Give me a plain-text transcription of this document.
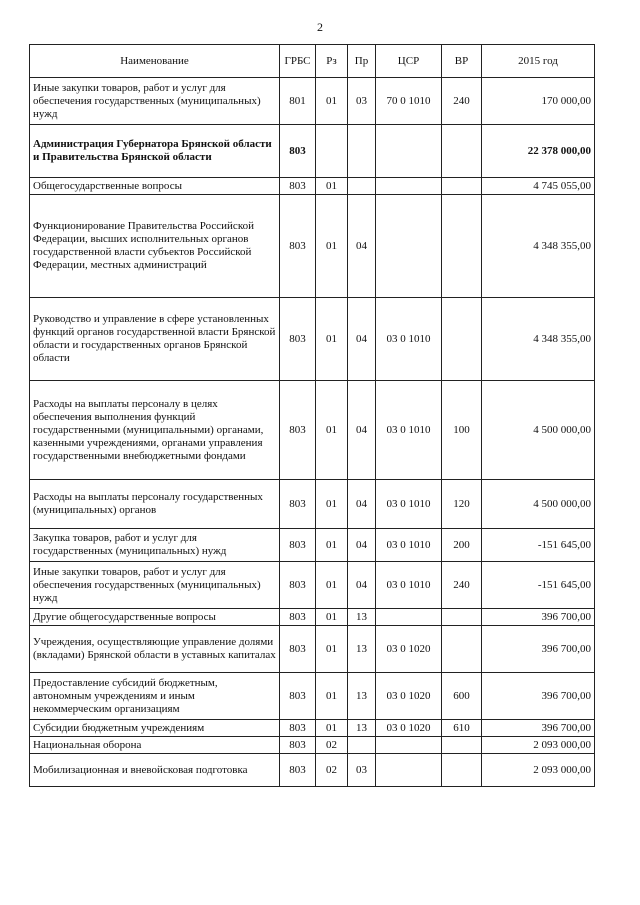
2
Наименование	ГРБС	Рз	Пр	ЦСР	ВР	2015 год
Иные закупки товаров, работ и услуг для обеспечения государственных (муниципальных) нужд	801	01	03	70 0 1010	240	170 000,00
Администрация Губернатора Брянской области и Правительства Брянской области	803					22 378 000,00
Общегосударственные вопросы	803	01				4 745 055,00
Функционирование Правительства Российской Федерации, высших исполнительных органов государственной власти субъектов Российской Федерации, местных администраций	803	01	04			4 348 355,00
Руководство и управление в сфере установленных функций органов государственной власти Брянской области и государственных органов Брянской области	803	01	04	03 0 1010		4 348 355,00
Расходы на выплаты персоналу в целях обеспечения выполнения функций государственными (муниципальными) органами, казенными учреждениями, органами управления государственными внебюджетными фондами	803	01	04	03 0 1010	100	4 500 000,00
Расходы на выплаты персоналу государственных (муниципальных) органов	803	01	04	03 0 1010	120	4 500 000,00
Закупка товаров, работ и услуг для государственных (муниципальных) нужд	803	01	04	03 0 1010	200	-151 645,00
Иные закупки товаров, работ и услуг для обеспечения государственных (муниципальных) нужд	803	01	04	03 0 1010	240	-151 645,00
Другие общегосударственные вопросы	803	01	13			396 700,00
Учреждения, осуществляющие управление долями (вкладами) Брянской области в уставных капиталах	803	01	13	03 0 1020		396 700,00
Предоставление субсидий бюджетным, автономным учреждениям и иным некоммерческим организациям	803	01	13	03 0 1020	600	396 700,00
Субсидии бюджетным учреждениям	803	01	13	03 0 1020	610	396 700,00
Национальная оборона	803	02				2 093 000,00
Мобилизационная и вневойсковая подготовка	803	02	03			2 093 000,00
